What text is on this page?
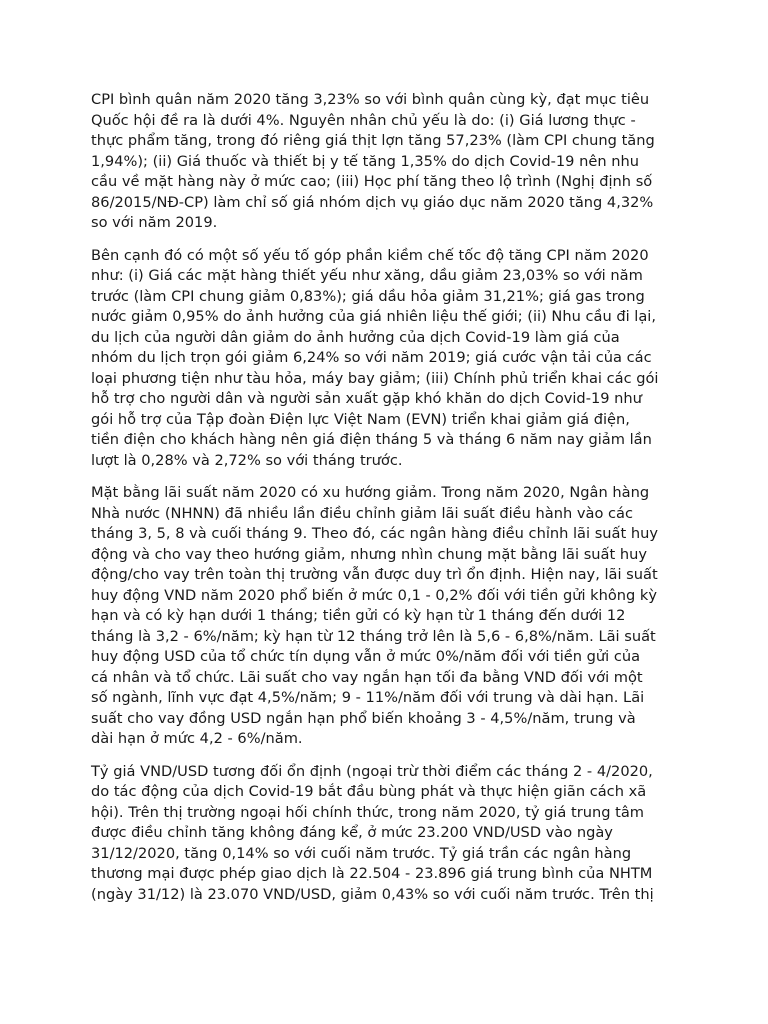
CPI bình quân năm 2020 tăng 3,23% so với bình quân cùng kỳ, đạt mục tiêu
Quốc hội đề ra là dưới 4%. Nguyên nhân chủ yếu là do: (i) Giá lương thực -
thực phẩm tăng, trong đó riêng giá thịt lợn tăng 57,23% (làm CPI chung tăng
1,94%); (ii) Giá thuốc và thiết bị y tế tăng 1,35% do dịch Covid-19 nên nhu
cầu về mặt hàng này ở mức cao; (iii) Học phí tăng theo lộ trình (Nghị định số
86/2015/NĐ-CP) làm chỉ số giá nhóm dịch vụ giáo dục năm 2020 tăng 4,32%
so với năm 2019.

Bên cạnh đó có một số yếu tố góp phần kiềm chế tốc độ tăng CPI năm 2020
như: (i) Giá các mặt hàng thiết yếu như xăng, dầu giảm 23,03% so với năm
trước (làm CPI chung giảm 0,83%); giá dầu hỏa giảm 31,21%; giá gas trong
nước giảm 0,95% do ảnh hưởng của giá nhiên liệu thế giới; (ii) Nhu cầu đi lại,
du lịch của người dân giảm do ảnh hưởng của dịch Covid-19 làm giá của
nhóm du lịch trọn gói giảm 6,24% so với năm 2019; giá cước vận tải của các
loại phương tiện như tàu hỏa, máy bay giảm; (iii) Chính phủ triển khai các gói
hỗ trợ cho người dân và người sản xuất gặp khó khăn do dịch Covid-19 như
gói hỗ trợ của Tập đoàn Điện lực Việt Nam (EVN) triển khai giảm giá điện,
tiền điện cho khách hàng nên giá điện tháng 5 và tháng 6 năm nay giảm lần
lượt là 0,28% và 2,72% so với tháng trước.

Mặt bằng lãi suất năm 2020 có xu hướng giảm. Trong năm 2020, Ngân hàng
Nhà nước (NHNN) đã nhiều lần điều chỉnh giảm lãi suất điều hành vào các
tháng 3, 5, 8 và cuối tháng 9. Theo đó, các ngân hàng điều chỉnh lãi suất huy
động và cho vay theo hướng giảm, nhưng nhìn chung mặt bằng lãi suất huy
động/cho vay trên toàn thị trường vẫn được duy trì ổn định. Hiện nay, lãi suất
huy động VND năm 2020 phổ biến ở mức 0,1 - 0,2% đối với tiền gửi không kỳ
hạn và có kỳ hạn dưới 1 tháng; tiền gửi có kỳ hạn từ 1 tháng đến dưới 12
tháng là 3,2 - 6%/năm; kỳ hạn từ 12 tháng trở lên là 5,6 - 6,8%/năm. Lãi suất
huy động USD của tổ chức tín dụng vẫn ở mức 0%/năm đối với tiền gửi của
cá nhân và tổ chức. Lãi suất cho vay ngắn hạn tối đa bằng VND đối với một
số ngành, lĩnh vực đạt 4,5%/năm; 9 - 11%/năm đối với trung và dài hạn. Lãi
suất cho vay đồng USD ngắn hạn phổ biến khoảng 3 - 4,5%/năm, trung và
dài hạn ở mức 4,2 - 6%/năm.

Tỷ giá VND/USD tương đối ổn định (ngoại trừ thời điểm các tháng 2 - 4/2020,
do tác động của dịch Covid-19 bắt đầu bùng phát và thực hiện giãn cách xã
hội). Trên thị trường ngoại hối chính thức, trong năm 2020, tỷ giá trung tâm
được điều chỉnh tăng không đáng kể, ở mức 23.200 VND/USD vào ngày
31/12/2020, tăng 0,14% so với cuối năm trước. Tỷ giá trần các ngân hàng
thương mại được phép giao dịch là 22.504 - 23.896 giá trung bình của NHTM
(ngày 31/12) là 23.070 VND/USD, giảm 0,43% so với cuối năm trước. Trên thị
